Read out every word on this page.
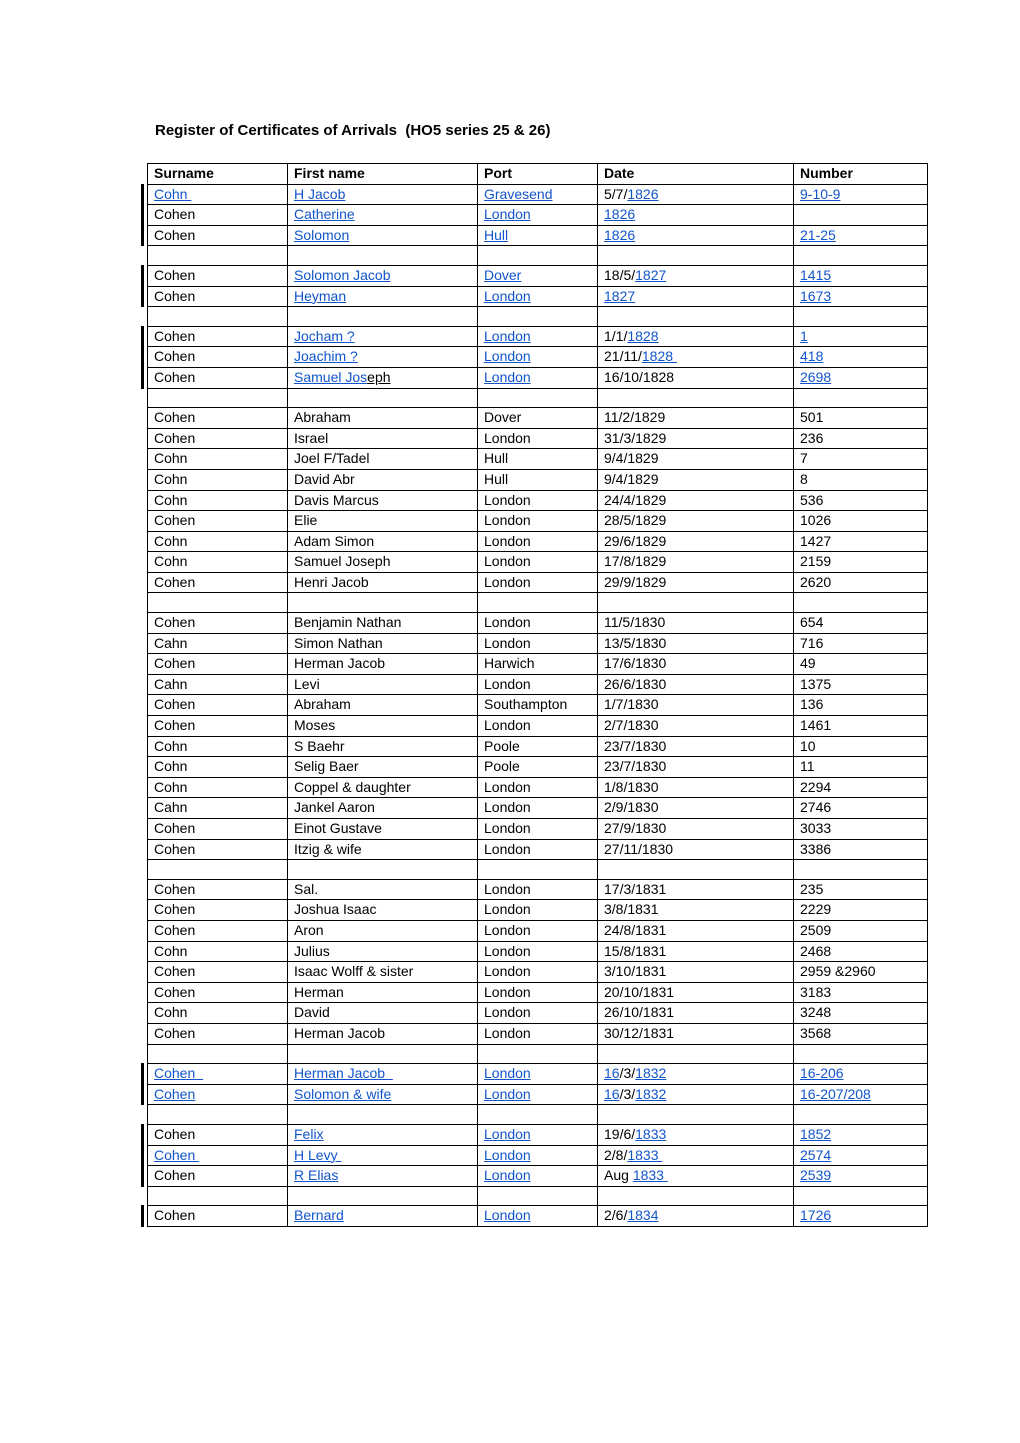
Register of Certificates of Arrivals  (HO5 series 25 & 26)
Surname	First name	Port	Date	Number

Cohn	H Jacob	Gravesend	5/7/1826	9-10-9

Cohen	Catherine	London	1826	

Cohen	Solomon	Hull	1826	21-25

Cohen	Solomon Jacob	Dover	18/5/1827	1415

Cohen	Heyman	London	1827	1673

Cohen	Jocham ?	London	1/1/1828	1

Cohen	Joachim ?	London	21/11/1828	418

Cohen	Samuel Joseph	London	16/10/1828	2698

Cohen	Abraham	Dover	11/2/1829	501
Cohen	Israel	London	31/3/1829	236
Cohn	Joel F/Tadel	Hull	9/4/1829	7
Cohn	David Abr	Hull	9/4/1829	8
Cohn	Davis Marcus	London	24/4/1829	536
Cohen	Elie	London	28/5/1829	1026
Cohn	Adam Simon	London	29/6/1829	1427
Cohn	Samuel Joseph	London	17/8/1829	2159
Cohen	Henri Jacob	London	29/9/1829	2620

Cohen	Benjamin Nathan	London	11/5/1830	654
Cahn	Simon Nathan	London	13/5/1830	716
Cohen	Herman Jacob	Harwich	17/6/1830	49
Cahn	Levi	London	26/6/1830	1375
Cohen	Abraham	Southampton	1/7/1830	136
Cohen	Moses	London	2/7/1830	1461
Cohn	S Baehr	Poole	23/7/1830	10
Cohn	Selig Baer	Poole	23/7/1830	11
Cohn	Coppel & daughter	London	1/8/1830	2294
Cahn	Jankel Aaron	London	2/9/1830	2746
Cohen	Einot Gustave	London	27/9/1830	3033
Cohen	Itzig & wife	London	27/11/1830	3386

Cohen	Sal.	London	17/3/1831	235
Cohen	Joshua Isaac	London	3/8/1831	2229
Cohen	Aron	London	24/8/1831	2509
Cohn	Julius	London	15/8/1831	2468
Cohen	Isaac Wolff & sister	London	3/10/1831	2959 &2960
Cohen	Herman	London	20/10/1831	3183
Cohn	David	London	26/10/1831	3248
Cohen	Herman Jacob	London	30/12/1831	3568

Cohen	Herman Jacob	London	16/3/1832	16-206

Cohen	Solomon & wife	London	16/3/1832	16-207/208

Cohen	Felix	London	19/6/1833	1852

Cohen	H Levy	London	2/8/1833	2574

Cohen	R Elias	London	Aug 1833	2539

Cohen	Bernard	London	2/6/1834	1726
